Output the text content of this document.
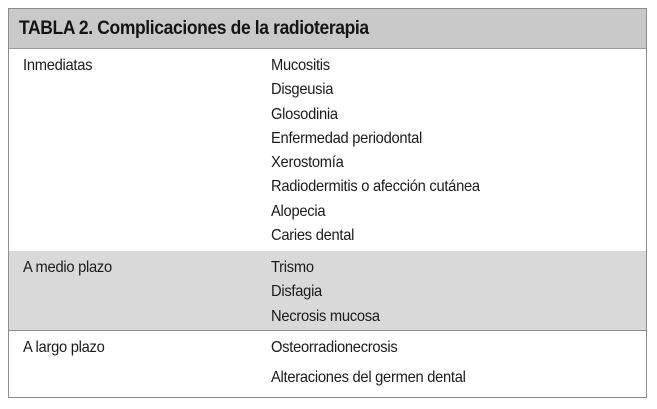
TABLA 2. Complicaciones de la radioterapia
Inmediatas	Mucositis
Disgeusia
Glosodinia
Enfermedad periodontal
Xerostomía
Radiodermitis o afección cutánea
Alopecia
Caries dental
A medio plazo	Trismo
Disfagia
Necrosis mucosa
A largo plazo	Osteorradionecrosis
Alteraciones del germen dental
